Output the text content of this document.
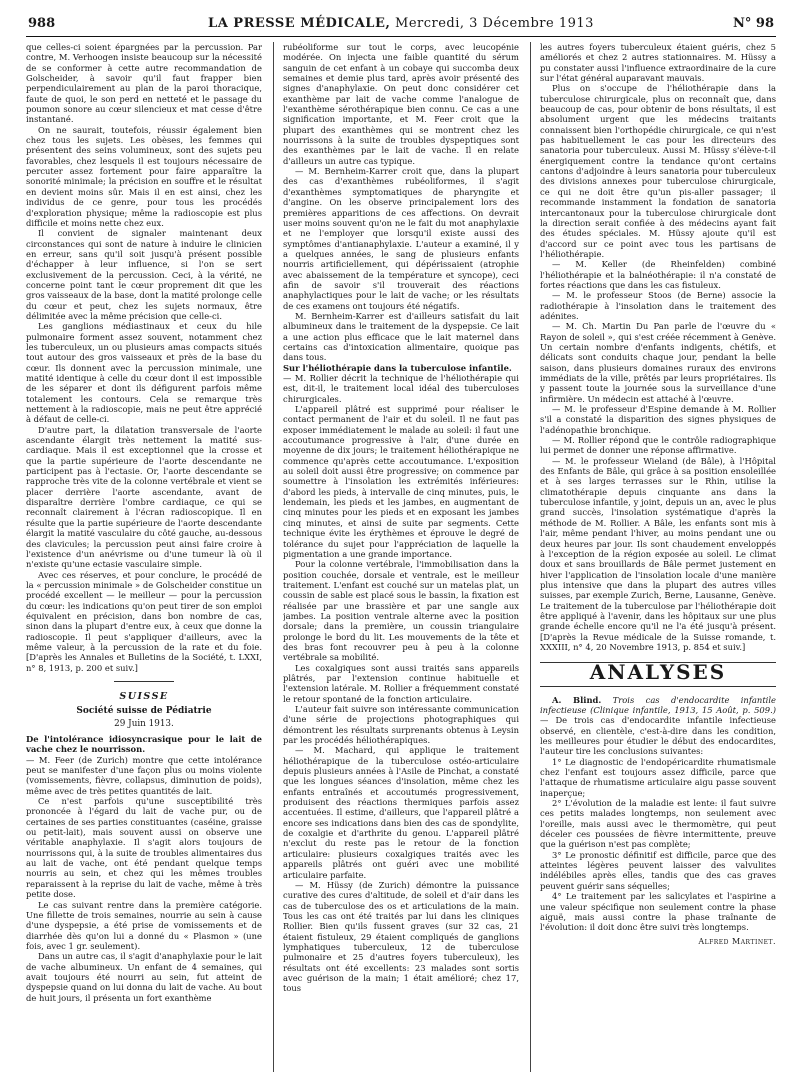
988	LA PRESSE MÉDICALE, Mercredi, 3 Décembre 1913	N° 98

que celles-ci soient épargnées par la percussion. Par contre, M. Verhoogen insiste beaucoup sur la nécessité de se conformer à cette autre recommandation de Golscheider, à savoir qu'il faut frapper bien perpendiculairement au plan de la paroi thoracique, faute de quoi, le son perd en netteté et le passage du poumon sonore au cœur silencieux et mat cesse d'être instantané.

On ne saurait, toutefois, réussir également bien chez tous les sujets. Les obèses, les femmes qui présentent des seins volumineux, sont des sujets peu favorables, chez lesquels il est toujours nécessaire de percuter assez fortement pour faire apparaître la sonorité minimale; la précision en souffre et le résultat en devient moins sûr. Mais il en est ainsi, chez les individus de ce genre, pour tous les procédés d'exploration physique; même la radioscopie est plus difficile et moins nette chez eux.

Il convient de signaler maintenant deux circonstances qui sont de nature à induire le clinicien en erreur, sans qu'il soit jusqu'à présent possible d'échapper à leur influence, si l'on se sert exclusivement de la percussion. Ceci, à la vérité, ne concerne point tant le cœur proprement dit que les gros vaisseaux de la base, dont la matité prolonge celle du cœur et peut, chez les sujets normaux, être délimitée avec la même précision que celle-ci.

Les ganglions médiastinaux et ceux du hile pulmonaire forment assez souvent, notamment chez les tuberculeux, un ou plusieurs amas compacts situés tout autour des gros vaisseaux et près de la base du cœur. Ils donnent avec la percussion minimale, une matité identique à celle du cœur dont il est impossible de les séparer et dont ils défigurent parfois même totalement les contours. Cela se remarque très nettement à la radioscopie, mais ne peut être apprécié à défaut de celle-ci.

D'autre part, la dilatation transversale de l'aorte ascendante élargit très nettement la matité sus-cardiaque. Mais il est exceptionnel que la crosse et que la partie supérieure de l'aorte descendante ne participent pas à l'ectasie. Or, l'aorte descendante se rapproche très vite de la colonne vertébrale et vient se placer derrière l'aorte ascendante, avant de disparaître derrière l'ombre cardiaque, ce qui se reconnaît clairement à l'écran radioscopique. Il en résulte que la partie supérieure de l'aorte descendante élargit la matité vasculaire du côté gauche, au-dessous des clavicules; la percussion peut ainsi faire croire à l'existence d'un anévrisme ou d'une tumeur là où il n'existe qu'une ectasie vasculaire simple.

Avec ces réserves, et pour conclure, le procédé de la « percussion minimale » de Golscheider constitue un procédé excellent — le meilleur — pour la percussion du cœur: les indications qu'on peut tirer de son emploi équivalent en précision, dans bon nombre de cas, sinon dans la plupart d'entre eux, à ceux que donne la radioscopie. Il peut s'appliquer d'ailleurs, avec la même valeur, à la percussion de la rate et du foie. [D'après les Annales et Bulletins de la Société, t. LXXI, n° 8, 1913, p. 200 et suiv.]

SUISSE
Société suisse de Pédiatrie
29 Juin 1913.

De l'intolérance idiosyncrasique pour le lait de vache chez le nourrisson.

— M. Feer (de Zurich) montre que cette intolérance peut se manifester d'une façon plus ou moins violente (vomissements, fièvre, collapsus, diminution de poids), même avec de très petites quantités de lait.

Ce n'est parfois qu'une susceptibilité très prononcée à l'égard du lait de vache pur, ou de certaines de ses parties constituantes (caséine, graisse ou petit-lait), mais souvent aussi on observe une véritable anaphylaxie. Il s'agit alors toujours de nourrissons qui, à la suite de troubles alimentaires dus au lait de vache, ont été pendant quelque temps nourris au sein, et chez qui les mêmes troubles reparaissent à la reprise du lait de vache, même à très petite dose.

Le cas suivant rentre dans la première catégorie. Une fillette de trois semaines, nourrie au sein à cause d'une dyspepsie, a été prise de vomissements et de diarrhée dès qu'on lui a donné du « Plasmon » (une fois, avec 1 gr. seulement).

Dans un autre cas, il s'agit d'anaphylaxie pour le lait de vache albumineux. Un enfant de 4 semaines, qui avait toujours été nourri au sein, fut atteint de dyspepsie quand on lui donna du lait de vache. Au bout de huit jours, il présenta un fort exanthème

rubéoliforme sur tout le corps, avec leucopénie modérée. On injecta une faible quantité du sérum sanguin de cet enfant à un cobaye qui succomba deux semaines et demie plus tard, après avoir présenté des signes d'anaphylaxie. On peut donc considérer cet exanthème par lait de vache comme l'analogue de l'exanthème sérothérapique bien connu. Ce cas a une signification importante, et M. Feer croit que la plupart des exanthèmes qui se montrent chez les nourrissons à la suite de troubles dyspeptiques sont des exanthèmes par le lait de vache. Il en relate d'ailleurs un autre cas typique.

— M. Bernheim-Karrer croit que, dans la plupart des cas d'exanthèmes rubéoliformes, il s'agit d'exanthèmes symptomatiques de pharyngite et d'angine. On les observe principalement lors des premières apparitions de ces affections. On devrait user moins souvent qu'on ne le fait du mot anaphylaxie et ne l'employer que lorsqu'il existe aussi des symptômes d'antianaphylaxie. L'auteur a examiné, il y a quelques années, le sang de plusieurs enfants nourris artificiellement, qui dépérissaient (atrophie avec abaissement de la température et syncope), ceci afin de savoir s'il trouverait des réactions anaphylactiques pour le lait de vache; or les résultats de ces examens ont toujours été négatifs.

M. Bernheim-Karrer est d'ailleurs satisfait du lait albumineux dans le traitement de la dyspepsie. Ce lait a une action plus efficace que le lait maternel dans certains cas d'intoxication alimentaire, quoique pas dans tous.

Sur l'héliothérapie dans la tuberculose infantile.

— M. Rollier décrit la technique de l'héliothérapie qui est, dit-il, le traitement local idéal des tuberculoses chirurgicales.

L'appareil plâtré est supprimé pour réaliser le contact permanent de l'air et du soleil. Il ne faut pas exposer immédiatement le malade au soleil: il faut une accoutumance progressive à l'air, d'une durée en moyenne de dix jours; le traitement héliothérapique ne commence qu'après cette accoutumance. L'exposition au soleil doit aussi être progressive; on commence par soumettre à l'insolation les extrémités inférieures: d'abord les pieds, à intervalle de cinq minutes, puis, le lendemain, les pieds et les jambes, en augmentant de cinq minutes pour les pieds et en exposant les jambes cinq minutes, et ainsi de suite par segments. Cette technique évite les érythèmes et éprouve le degré de tolérance du sujet pour l'appréciation de laquelle la pigmentation a une grande importance.

Pour la colonne vertébrale, l'immobilisation dans la position couchée, dorsale et ventrale, est le meilleur traitement. L'enfant est couché sur un matelas plat, un coussin de sable est placé sous le bassin, la fixation est réalisée par une brassière et par une sangle aux jambes. La position ventrale alterne avec la position dorsale; dans la première, un coussin triangulaire prolonge le bord du lit. Les mouvements de la tête et des bras font recouvrer peu à peu à la colonne vertébrale sa mobilité.

Les coxalgiques sont aussi traités sans appareils plâtrés, par l'extension continue habituelle et l'extension latérale. M. Rollier a fréquemment constaté le retour spontané de la fonction articulaire.

L'auteur fait suivre son intéressante communication d'une série de projections photographiques qui démontrent les résultats surprenants obtenus à Leysin par les procédés héliothérapiques.

— M. Machard, qui applique le traitement héliothérapique de la tuberculose ostéo-articulaire depuis plusieurs années à l'Asile de Pinchat, a constaté que les longues séances d'insolation, même chez les enfants entraînés et accoutumés progressivement, produisent des réactions thermiques parfois assez accentuées. Il estime, d'ailleurs, que l'appareil plâtré a encore ses indications dans bien des cas de spondylite, de coxalgie et d'arthrite du genou. L'appareil plâtré n'exclut du reste pas le retour de la fonction articulaire: plusieurs coxalgiques traités avec les appareils plâtrés ont guéri avec une mobilité articulaire parfaite.

— M. Hüssy (de Zurich) démontre la puissance curative des cures d'altitude, de soleil et d'air dans les cas de tuberculose des os et articulations de la main. Tous les cas ont été traités par lui dans les cliniques Rollier. Bien qu'ils fussent graves (sur 32 cas, 21 étaient fistuleux, 29 étaient compliqués de ganglions lymphatiques tuberculeux, 12 de tuberculose pulmonaire et 25 d'autres foyers tuberculeux), les résultats ont été excellents: 23 malades sont sortis avec guérison de la main; 1 était amélioré; chez 17, tous

les autres foyers tuberculeux étaient guéris, chez 5 améliorés et chez 2 autres stationnaires. M. Hüssy a pu constater aussi l'influence extraordinaire de la cure sur l'état général auparavant mauvais.

Plus on s'occupe de l'héliothérapie dans la tuberculose chirurgicale, plus on reconnaît que, dans beaucoup de cas, pour obtenir de bons résultats, il est absolument urgent que les médecins traitants connaissent bien l'orthopédie chirurgicale, ce qui n'est pas habituellement le cas pour les directeurs des sanatoria pour tuberculeux. Aussi M. Hüssy s'élève-t-il énergiquement contre la tendance qu'ont certains cantons d'adjoindre à leurs sanatoria pour tuberculeux des divisions annexes pour tuberculose chirurgicale, ce qui ne doit être qu'un pis-aller passager; il recommande instamment la fondation de sanatoria intercantonaux pour la tuberculose chirurgicale dont la direction serait confiée à des médecins ayant fait des études spéciales. M. Hüssy ajoute qu'il est d'accord sur ce point avec tous les partisans de l'héliothérapie.

— M. Keller (de Rheinfelden) combiné l'héliothérapie et la balnéothérapie: il n'a constaté de fortes réactions que dans les cas fistuleux.

— M. le professeur Stoos (de Berne) associe la radiothérapie à l'insolation dans le traitement des adénites.

— M. Ch. Martin Du Pan parle de l'œuvre du « Rayon de soleil », qui s'est créée récemment à Genève. Un certain nombre d'enfants indigents, chétifs, et délicats sont conduits chaque jour, pendant la belle saison, dans plusieurs domaines ruraux des environs immédiats de la ville, prêtés par leurs propriétaires. Ils y passent toute la journée sous la surveillance d'une infirmière. Un médecin est attaché à l'œuvre.

— M. le professeur d'Espine demande à M. Rollier s'il a constaté la disparition des signes physiques de l'adénopathie bronchique.

— M. Rollier répond que le contrôle radiographique lui permet de donner une réponse affirmative.

— M. le professeur Wieland (de Bâle), à l'Hôpital des Enfants de Bâle, qui grâce à sa position ensoleillée et à ses larges terrasses sur le Rhin, utilise la climatothérapie depuis cinquante ans dans la tuberculose infantile, y joint, depuis un an, avec le plus grand succès, l'insolation systématique d'après la méthode de M. Rollier. A Bâle, les enfants sont mis à l'air, même pendant l'hiver, au moins pendant une ou deux heures par jour. Ils sont chaudement enveloppés à l'exception de la région exposée au soleil. Le climat doux et sans brouillards de Bâle permet justement en hiver l'application de l'insolation locale d'une manière plus intensive que dans la plupart des autres villes suisses, par exemple Zurich, Berne, Lausanne, Genève. Le traitement de la tuberculose par l'héliothérapie doit être appliqué à l'avenir, dans les hôpitaux sur une plus grande échelle encore qu'il ne l'a été jusqu'à présent. [D'après la Revue médicale de la Suisse romande, t. XXXIII, n° 4, 20 Novembre 1913, p. 854 et suiv.]

ANALYSES

A. Blind. Trois cas d'endocardite infantile infectieuse (Clinique infantile, 1913, 15 Août, p. 509.) — De trois cas d'endocardite infantile infectieuse observé, en clientèle, c'est-à-dire dans les condition, les meilleures pour étudier le début des endocardites, l'auteur tire les conclusions suivantes:

1° Le diagnostic de l'endopéricardite rhumatismale chez l'enfant est toujours assez difficile, parce que l'attaque de rhumatisme articulaire aigu passe souvent inaperçue;

2° L'évolution de la maladie est lente: il faut suivre ces petits malades longtemps, non seulement avec l'oreille, mais aussi avec le thermomètre, qui peut déceler ces poussées de fièvre intermittente, preuve que la guérison n'est pas complète;

3° Le pronostic définitif est difficile, parce que des atteintes légères peuvent laisser des valvulites indélébiles après elles, tandis que des cas graves peuvent guérir sans séquelles;

4° Le traitement par les salicylates et l'aspirine a une valeur spécifique non seulement contre la phase aiguë, mais aussi contre la phase traînante de l'évolution: il doit donc être suivi très longtemps.

Alfred Martinet.
